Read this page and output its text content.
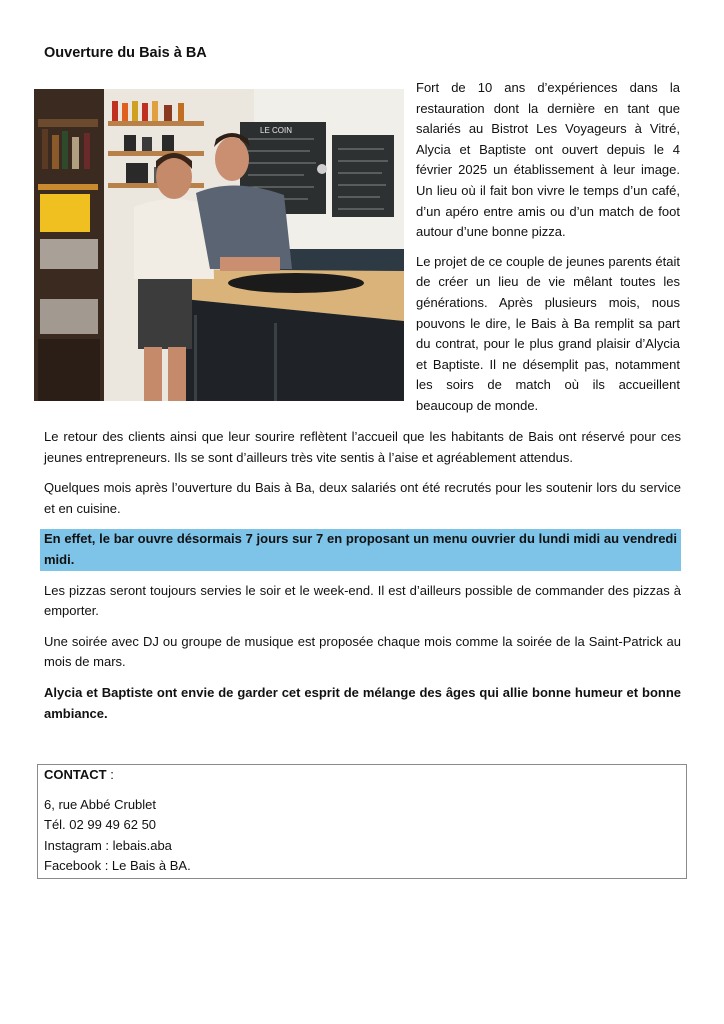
Ouverture du Bais à BA
LE COIN

Fort de 10 ans d’expériences dans la restauration dont la dernière en tant que salariés au Bistrot Les Voyageurs à Vitré, Alycia et Baptiste ont ouvert depuis le 4 février 2025 un établissement à leur image. Un lieu où il fait bon vivre le temps d’un café, d’un apéro entre amis ou d’un match de foot autour d’une bonne pizza.

Le projet de ce couple de jeunes parents était de créer un lieu de vie mêlant toutes les générations. Après plusieurs mois, nous pouvons le dire, le Bais à Ba remplit sa part du contrat, pour le plus grand plaisir d’Alycia et Baptiste. Il ne désemplit pas, notamment les soirs de match où ils accueillent beaucoup de monde.

Le retour des clients ainsi que leur sourire reflètent l’accueil que les habitants de Bais ont réservé pour ces jeunes entrepreneurs. Ils se sont d’ailleurs très vite sentis à l’aise et agréablement attendus.

Quelques mois après l’ouverture du Bais à Ba, deux salariés ont été recrutés pour les soutenir lors du service et en cuisine.

En effet, le bar ouvre désormais 7 jours sur 7 en proposant un menu ouvrier du lundi midi au vendredi midi.

Les pizzas seront toujours servies le soir et le week-end. Il est d’ailleurs possible de commander des pizzas à emporter.

Une soirée avec DJ ou groupe de musique est proposée chaque mois comme la soirée de la Saint-Patrick au mois de mars.

Alycia et Baptiste ont envie de garder cet esprit de mélange des âges qui allie bonne humeur et bonne ambiance.

CONTACT :
6, rue Abbé Crublet
Tél. 02 99 49 62 50
Instagram : lebais.aba
Facebook : Le Bais à BA.
